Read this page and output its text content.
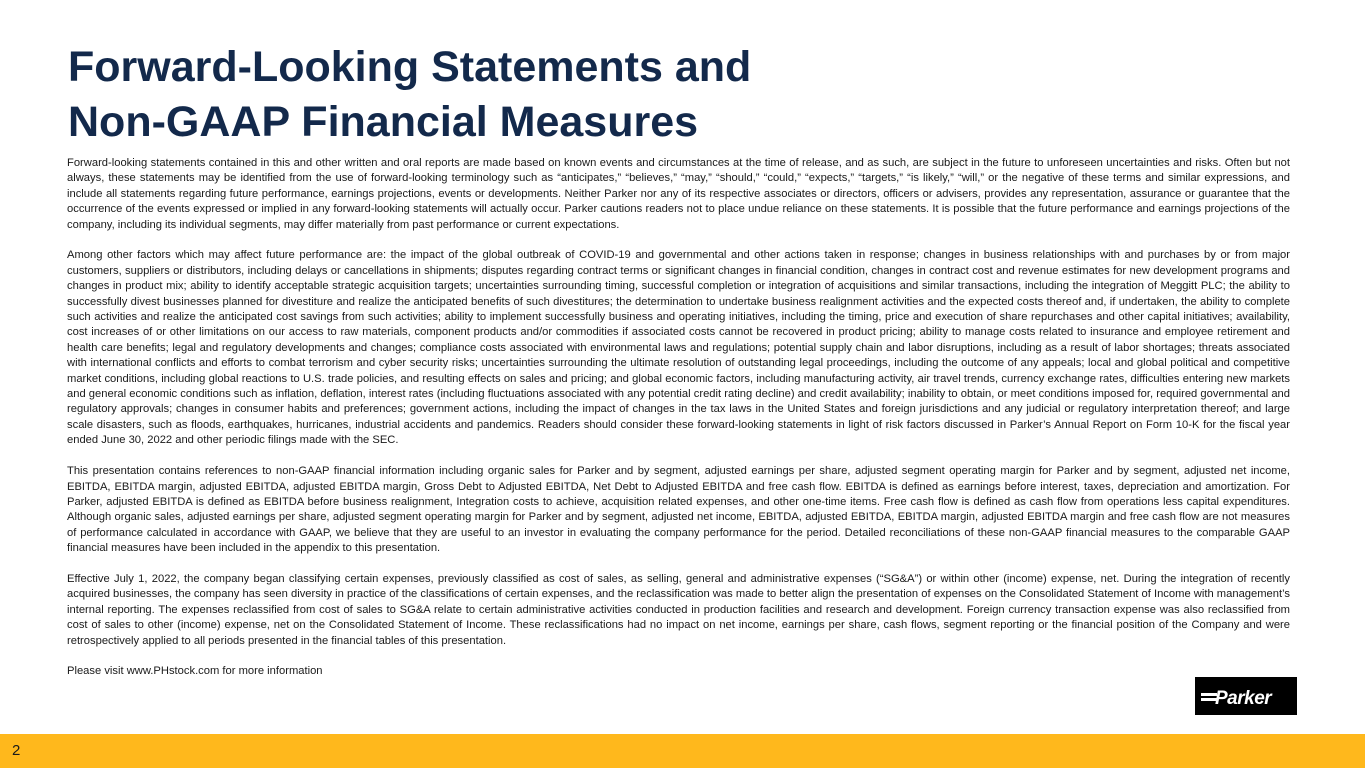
Forward-Looking Statements and
Non-GAAP Financial Measures

Forward-looking statements contained in this and other written and oral reports are made based on known events and circumstances at the time of release, and as such, are subject in the future to unforeseen uncertainties and risks. Often but not always, these statements may be identified from the use of forward-looking terminology such as “anticipates,” “believes,” “may,” “should,” “could,” “expects,” “targets,” “is likely,” “will,” or the negative of these terms and similar expressions, and include all statements regarding future performance, earnings projections, events or developments. Neither Parker nor any of its respective associates or directors, officers or advisers, provides any representation, assurance or guarantee that the occurrence of the events expressed or implied in any forward-looking statements will actually occur. Parker cautions readers not to place undue reliance on these statements. It is possible that the future performance and earnings projections of the company, including its individual segments, may differ materially from past performance or current expectations.

Among other factors which may affect future performance are: the impact of the global outbreak of COVID-19 and governmental and other actions taken in response; changes in business relationships with and purchases by or from major customers, suppliers or distributors, including delays or cancellations in shipments; disputes regarding contract terms or significant changes in financial condition, changes in contract cost and revenue estimates for new development programs and changes in product mix; ability to identify acceptable strategic acquisition targets; uncertainties surrounding timing, successful completion or integration of acquisitions and similar transactions, including the integration of Meggitt PLC; the ability to successfully divest businesses planned for divestiture and realize the anticipated benefits of such divestitures; the determination to undertake business realignment activities and the expected costs thereof and, if undertaken, the ability to complete such activities and realize the anticipated cost savings from such activities; ability to implement successfully business and operating initiatives, including the timing, price and execution of share repurchases and other capital initiatives; availability, cost increases of or other limitations on our access to raw materials, component products and/or commodities if associated costs cannot be recovered in product pricing; ability to manage costs related to insurance and employee retirement and health care benefits; legal and regulatory developments and changes; compliance costs associated with environmental laws and regulations; potential supply chain and labor disruptions, including as a result of labor shortages; threats associated with international conflicts and efforts to combat terrorism and cyber security risks; uncertainties surrounding the ultimate resolution of outstanding legal proceedings, including the outcome of any appeals; local and global political and competitive market conditions, including global reactions to U.S. trade policies, and resulting effects on sales and pricing; and global economic factors, including manufacturing activity, air travel trends, currency exchange rates, difficulties entering new markets and general economic conditions such as inflation, deflation, interest rates (including fluctuations associated with any potential credit rating decline) and credit availability; inability to obtain, or meet conditions imposed for, required governmental and regulatory approvals; changes in consumer habits and preferences; government actions, including the impact of changes in the tax laws in the United States and foreign jurisdictions and any judicial or regulatory interpretation thereof; and large scale disasters, such as floods, earthquakes, hurricanes, industrial accidents and pandemics. Readers should consider these forward-looking statements in light of risk factors discussed in Parker’s Annual Report on Form 10-K for the fiscal year ended June 30, 2022 and other periodic filings made with the SEC.

This presentation contains references to non-GAAP financial information including organic sales for Parker and by segment, adjusted earnings per share, adjusted segment operating margin for Parker and by segment, adjusted net income, EBITDA, EBITDA margin, adjusted EBITDA, adjusted EBITDA margin, Gross Debt to Adjusted EBITDA, Net Debt to Adjusted EBITDA and free cash flow. EBITDA is defined as earnings before interest, taxes, depreciation and amortization. For Parker, adjusted EBITDA is defined as EBITDA before business realignment, Integration costs to achieve, acquisition related expenses, and other one-time items. Free cash flow is defined as cash flow from operations less capital expenditures. Although organic sales, adjusted earnings per share, adjusted segment operating margin for Parker and by segment, adjusted net income, EBITDA, adjusted EBITDA, EBITDA margin, adjusted EBITDA margin and free cash flow are not measures of performance calculated in accordance with GAAP, we believe that they are useful to an investor in evaluating the company performance for the period. Detailed reconciliations of these non-GAAP financial measures to the comparable GAAP financial measures have been included in the appendix to this presentation.

Effective July 1, 2022, the company began classifying certain expenses, previously classified as cost of sales, as selling, general and administrative expenses (“SG&A”) or within other (income) expense, net. During the integration of recently acquired businesses, the company has seen diversity in practice of the classifications of certain expenses, and the reclassification was made to better align the presentation of expenses on the Consolidated Statement of Income with management’s internal reporting. The expenses reclassified from cost of sales to SG&A relate to certain administrative activities conducted in production facilities and research and development. Foreign currency transaction expense was also reclassified from cost of sales to other (income) expense, net on the Consolidated Statement of Income. These reclassifications had no impact on net income, earnings per share, cash flows, segment reporting or the financial position of the Company and were retrospectively applied to all periods presented in the financial tables of this presentation.

Please visit www.PHstock.com for more information

Parker
2
